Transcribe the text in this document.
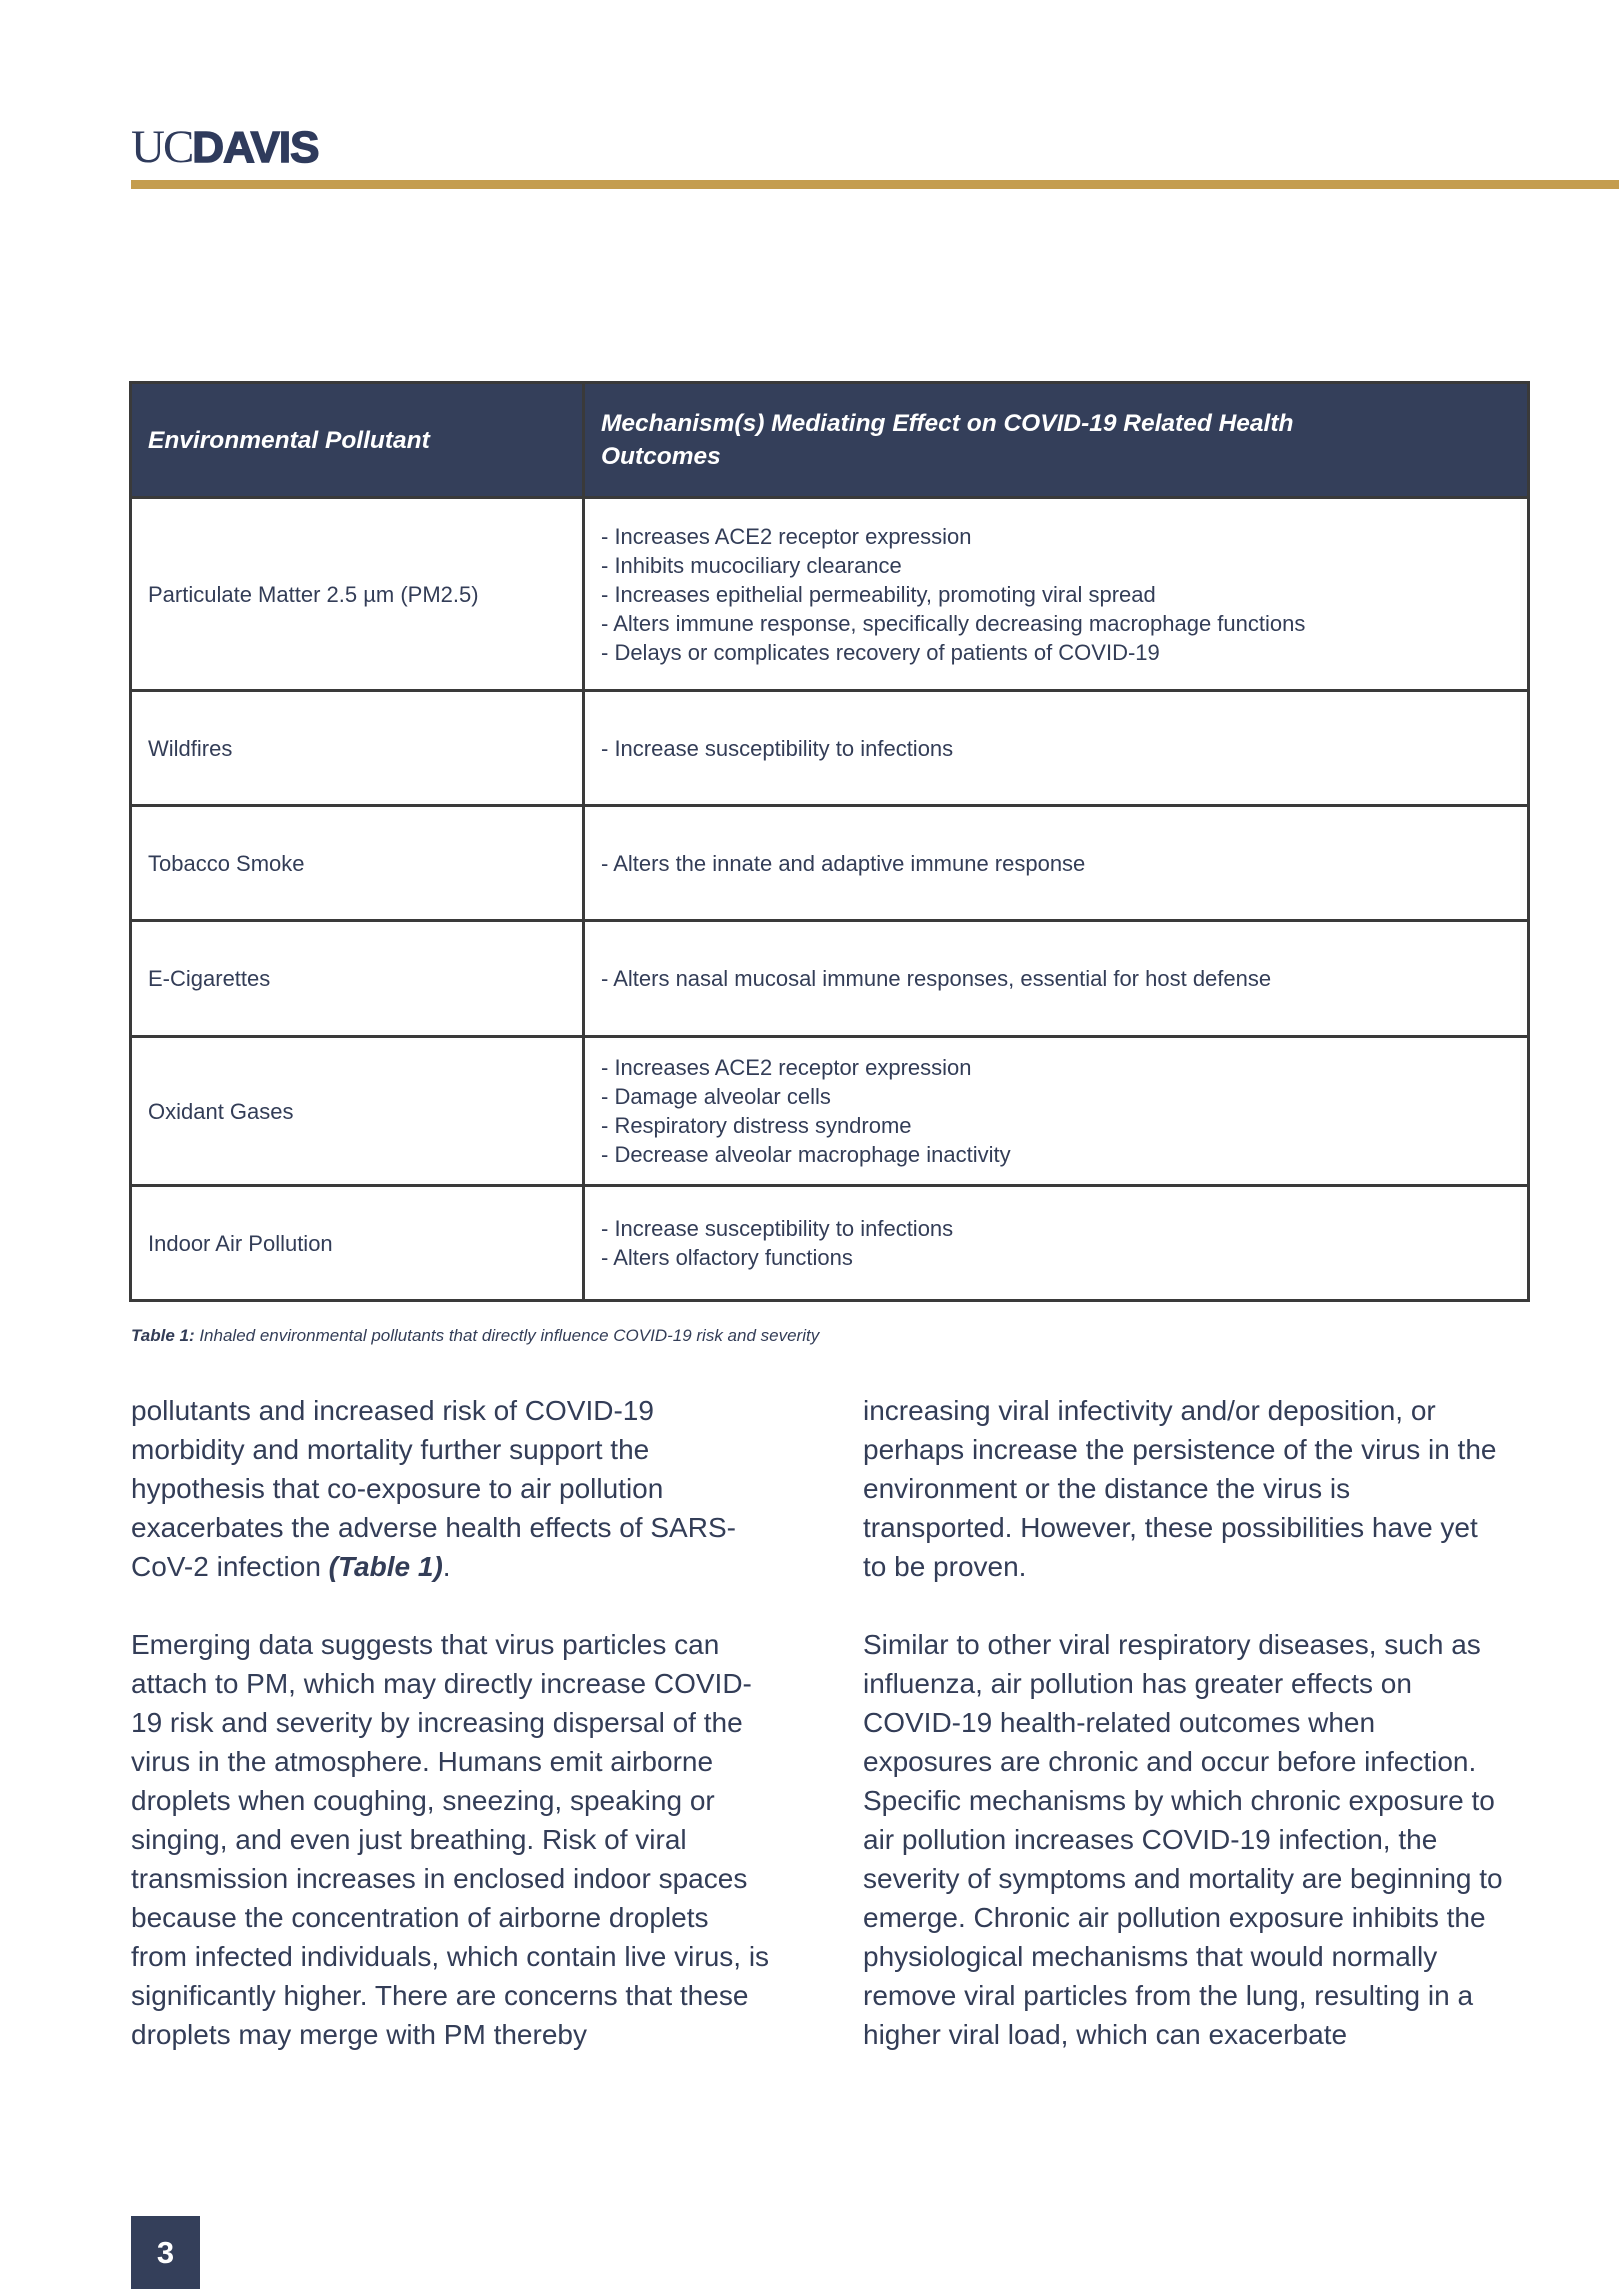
UC DAVIS
Environmental Pollutant	Mechanism(s) Mediating Effect on COVID-19 Related Health Outcomes
Particulate Matter 2.5 µm (PM2.5)	- Increases ACE2 receptor expression
- Inhibits mucociliary clearance
- Increases epithelial permeability, promoting viral spread
- Alters immune response, specifically decreasing macrophage functions
- Delays or complicates recovery of patients of COVID-19

Wildfires	- Increase susceptibility to infections

Tobacco Smoke	- Alters the innate and adaptive immune response

E-Cigarettes	- Alters nasal mucosal immune responses, essential for host defense

Oxidant Gases	- Increases ACE2 receptor expression
- Damage alveolar cells
- Respiratory distress syndrome
- Decrease alveolar macrophage inactivity

Indoor Air Pollution	- Increase susceptibility to infections
- Alters olfactory functions
Table 1: Inhaled environmental pollutants that directly influence COVID-19 risk and severity

pollutants and increased risk of COVID-19 morbidity and mortality further support the hypothesis that co-exposure to air pollution exacerbates the adverse health effects of SARS-CoV-2 infection (Table 1).

Emerging data suggests that virus particles can attach to PM, which may directly increase COVID-19 risk and severity by increasing dispersal of the virus in the atmosphere. Humans emit airborne droplets when coughing, sneezing, speaking or singing, and even just breathing. Risk of viral transmission increases in enclosed indoor spaces because the concentration of airborne droplets from infected individuals, which contain live virus, is significantly higher. There are concerns that these droplets may merge with PM thereby

increasing viral infectivity and/or deposition, or perhaps increase the persistence of the virus in the environment or the distance the virus is transported. However, these possibilities have yet to be proven.

Similar to other viral respiratory diseases, such as influenza, air pollution has greater effects on COVID-19 health-related outcomes when exposures are chronic and occur before infection. Specific mechanisms by which chronic exposure to air pollution increases COVID-19 infection, the severity of symptoms and mortality are beginning to emerge. Chronic air pollution exposure inhibits the physiological mechanisms that would normally remove viral particles from the lung, resulting in a higher viral load, which can exacerbate

3
